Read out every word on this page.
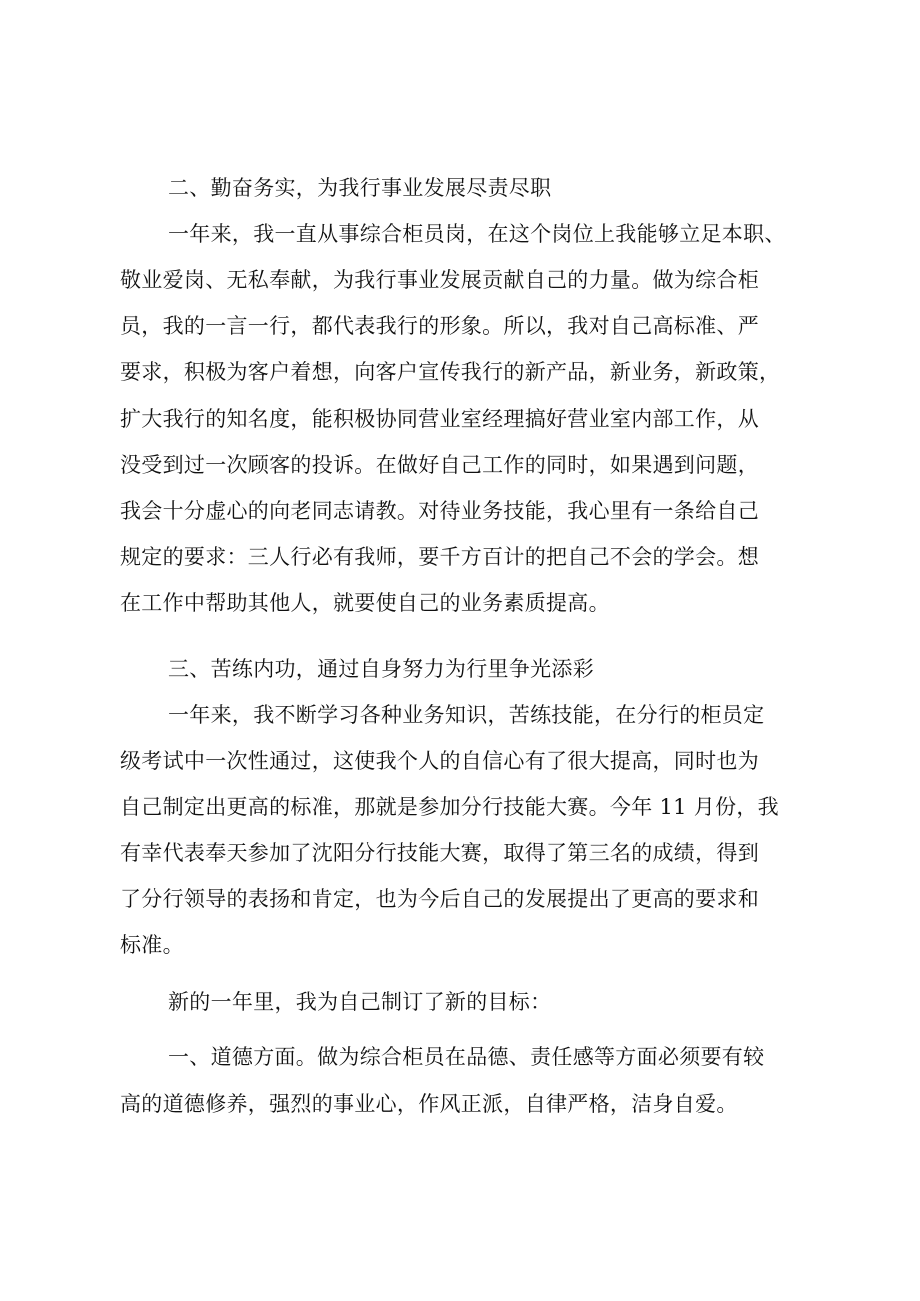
二、勤奋务实，为我行事业发展尽责尽职
一年来，我一直从事综合柜员岗，在这个岗位上我能够立足本职、
敬业爱岗、无私奉献，为我行事业发展贡献自己的力量。做为综合柜
员，我的一言一行，都代表我行的形象。所以，我对自己高标准、严
要求，积极为客户着想，向客户宣传我行的新产品，新业务，新政策，
扩大我行的知名度，能积极协同营业室经理搞好营业室内部工作，从
没受到过一次顾客的投诉。在做好自己工作的同时，如果遇到问题，
我会十分虚心的向老同志请教。对待业务技能，我心里有一条给自己
规定的要求：三人行必有我师，要千方百计的把自己不会的学会。想
在工作中帮助其他人，就要使自己的业务素质提高。
三、苦练内功，通过自身努力为行里争光添彩
一年来，我不断学习各种业务知识，苦练技能，在分行的柜员定
级考试中一次性通过，这使我个人的自信心有了很大提高，同时也为
自己制定出更高的标准，那就是参加分行技能大赛。今年 11 月份，我
有幸代表奉天参加了沈阳分行技能大赛，取得了第三名的成绩，得到
了分行领导的表扬和肯定，也为今后自己的发展提出了更高的要求和
标准。
新的一年里，我为自己制订了新的目标：
一、道德方面。做为综合柜员在品德、责任感等方面必须要有较
高的道德修养，强烈的事业心，作风正派，自律严格，洁身自爱。
